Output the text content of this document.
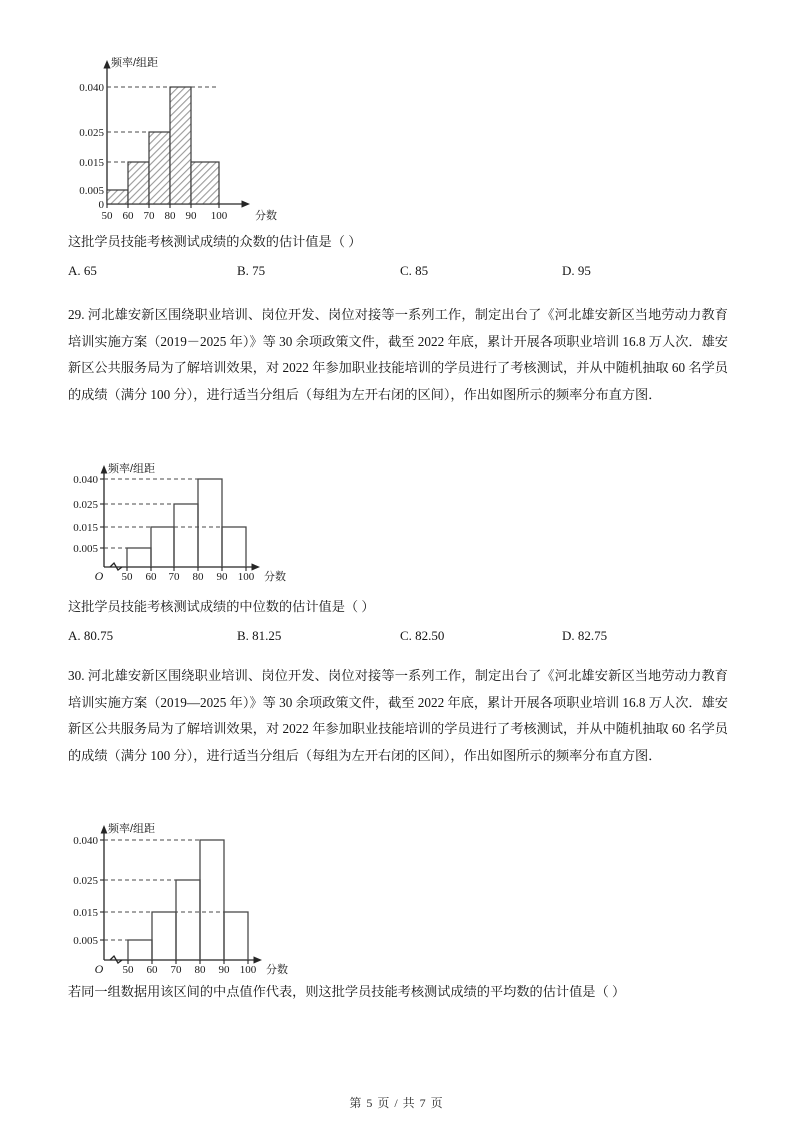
0.040
0.025
0.015
0.005
0
50 60 70 80 90 100
频率/组距
分数
这批学员技能考核测试成绩的众数的估计值是（ ）
A. 65	B. 75	C. 85	D. 95
29. 河北雄安新区围绕职业培训、岗位开发、岗位对接等一系列工作，制定出台了《河北雄安新区当地劳动力教育培训实施方案（2019－2025 年）》等 30 余项政策文件，截至 2022 年底，累计开展各项职业培训 16.8 万人次．雄安新区公共服务局为了解培训效果，对 2022 年参加职业技能培训的学员进行了考核测试，并从中随机抽取 60 名学员的成绩（满分 100 分），进行适当分组后（每组为左开右闭的区间），作出如图所示的频率分布直方图．
0.040
0.025
0.015
0.005
50 60 70 80 90 100
O
频率/组距
分数
这批学员技能考核测试成绩的中位数的估计值是（ ）
A. 80.75	B. 81.25	C. 82.50	D. 82.75
30. 河北雄安新区围绕职业培训、岗位开发、岗位对接等一系列工作，制定出台了《河北雄安新区当地劳动力教育培训实施方案（2019—2025 年）》等 30 余项政策文件，截至 2022 年底，累计开展各项职业培训 16.8 万人次．雄安新区公共服务局为了解培训效果，对 2022 年参加职业技能培训的学员进行了考核测试，并从中随机抽取 60 名学员的成绩（满分 100 分），进行适当分组后（每组为左开右闭的区间），作出如图所示的频率分布直方图．
0.040
0.025
0.015
0.005
50 60 70 80 90 100
O
频率/组距
分数
若同一组数据用该区间的中点值作代表，则这批学员技能考核测试成绩的平均数的估计值是（ ）
第 5 页 / 共 7 页
